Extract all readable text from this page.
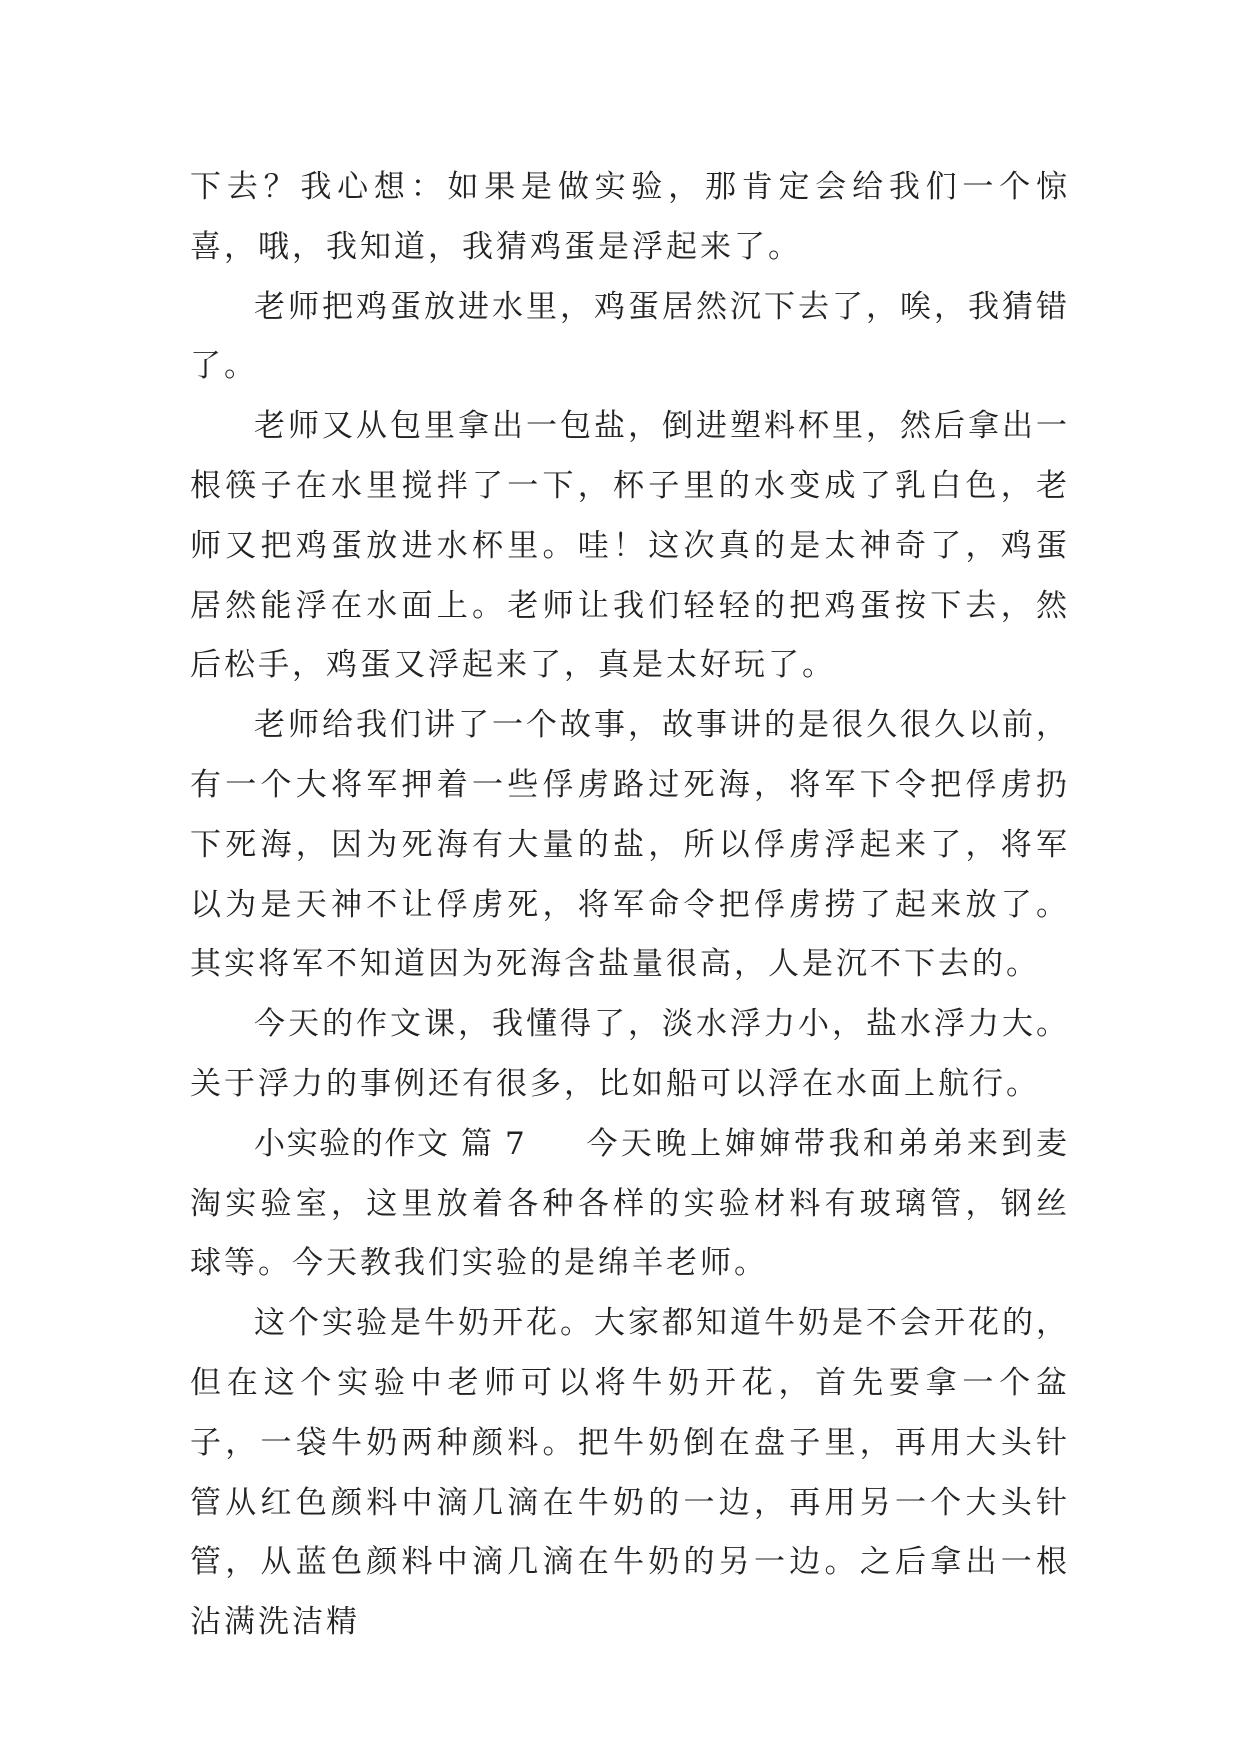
下去？我心想：如果是做实验，那肯定会给我们一个惊喜，哦，我知道，我猜鸡蛋是浮起来了。

老师把鸡蛋放进水里，鸡蛋居然沉下去了，唉，我猜错了。

老师又从包里拿出一包盐，倒进塑料杯里，然后拿出一根筷子在水里搅拌了一下，杯子里的水变成了乳白色，老师又把鸡蛋放进水杯里。哇！这次真的是太神奇了，鸡蛋居然能浮在水面上。老师让我们轻轻的把鸡蛋按下去，然后松手，鸡蛋又浮起来了，真是太好玩了。

老师给我们讲了一个故事，故事讲的是很久很久以前，有一个大将军押着一些俘虏路过死海，将军下令把俘虏扔下死海，因为死海有大量的盐，所以俘虏浮起来了，将军以为是天神不让俘虏死，将军命令把俘虏捞了起来放了。其实将军不知道因为死海含盐量很高，人是沉不下去的。

今天的作文课，我懂得了，淡水浮力小，盐水浮力大。关于浮力的事例还有很多，比如船可以浮在水面上航行。

小实验的作文 篇 7 今天晚上婶婶带我和弟弟来到麦淘实验室，这里放着各种各样的实验材料有玻璃管，钢丝球等。今天教我们实验的是绵羊老师。

这个实验是牛奶开花。大家都知道牛奶是不会开花的，但在这个实验中老师可以将牛奶开花，首先要拿一个盆子，一袋牛奶两种颜料。把牛奶倒在盘子里，再用大头针管从红色颜料中滴几滴在牛奶的一边，再用另一个大头针管，从蓝色颜料中滴几滴在牛奶的另一边。之后拿出一根沾满洗洁精
